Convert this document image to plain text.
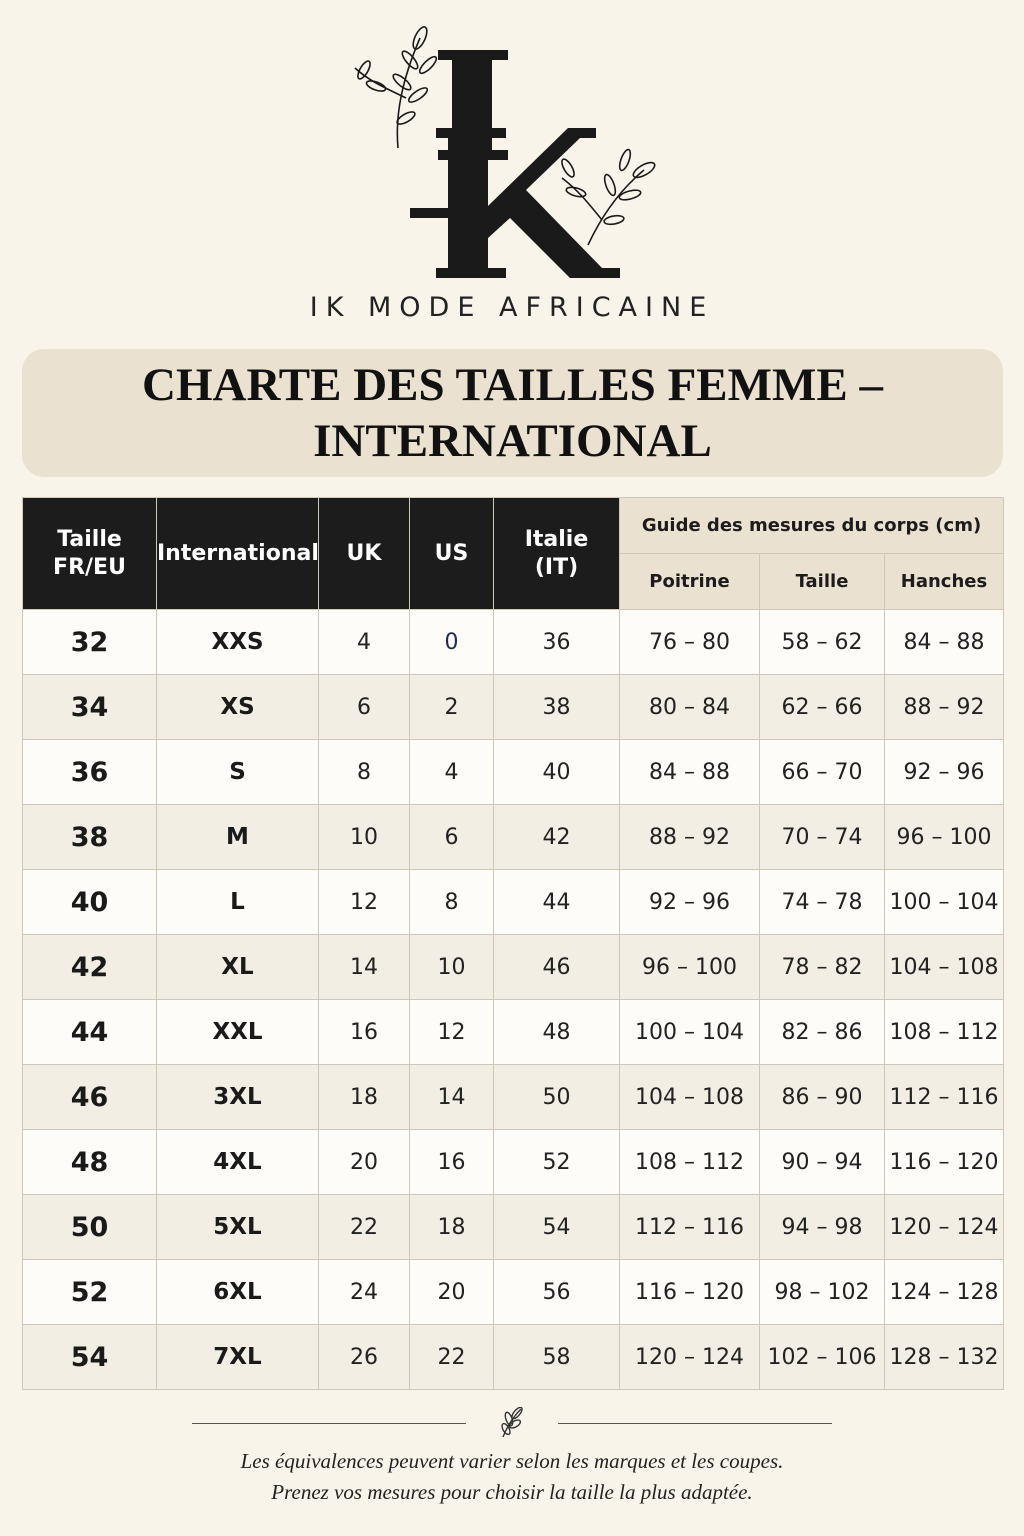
IK MODE AFRICAINE
CHARTE DES TAILLES FEMME – INTERNATIONAL
Taille FR/EU	International	UK	US	Italie (IT)	Guide des mesures du corps (cm)		
					Poitrine	Taille	Hanches
32	XXS	4	0	36	76 – 80	58 – 62	84 – 88
34	XS	6	2	38	80 – 84	62 – 66	88 – 92
36	S	8	4	40	84 – 88	66 – 70	92 – 96
38	M	10	6	42	88 – 92	70 – 74	96 – 100
40	L	12	8	44	92 – 96	74 – 78	100 – 104
42	XL	14	10	46	96 – 100	78 – 82	104 – 108
44	XXL	16	12	48	100 – 104	82 – 86	108 – 112
46	3XL	18	14	50	104 – 108	86 – 90	112 – 116
48	4XL	20	16	52	108 – 112	90 – 94	116 – 120
50	5XL	22	18	54	112 – 116	94 – 98	120 – 124
52	6XL	24	20	56	116 – 120	98 – 102	124 – 128
54	7XL	26	22	58	120 – 124	102 – 106	128 – 132
Les équivalences peuvent varier selon les marques et les coupes.
Prenez vos mesures pour choisir la taille la plus adaptée.
